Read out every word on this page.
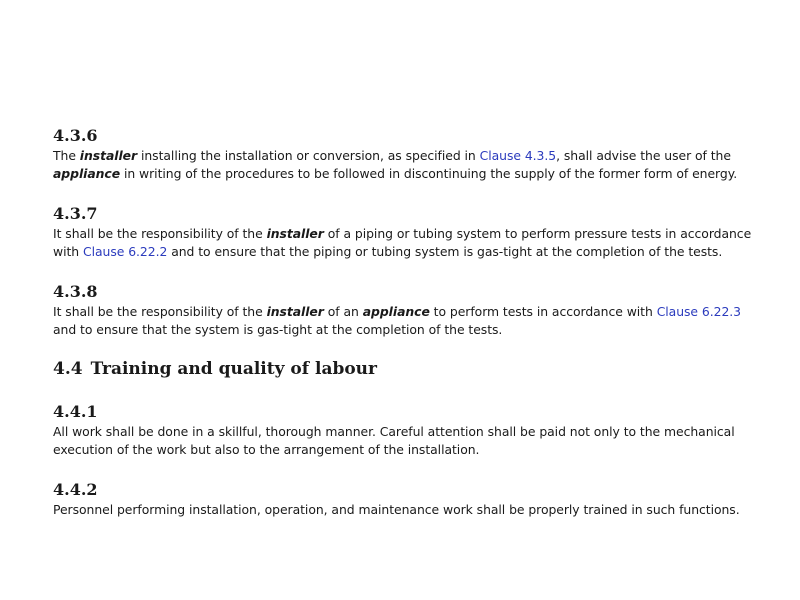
4.3.6

The installer installing the installation or conversion, as specified in Clause 4.3.5, shall advise the user of the appliance in writing of the procedures to be followed in discontinuing the supply of the former form of energy.

4.3.7

It shall be the responsibility of the installer of a piping or tubing system to perform pressure tests in accordance with Clause 6.22.2 and to ensure that the piping or tubing system is gas-tight at the completion of the tests.

4.3.8

It shall be the responsibility of the installer of an appliance to perform tests in accordance with Clause 6.22.3 and to ensure that the system is gas-tight at the completion of the tests.

4.4 Training and quality of labour
4.4.1

All work shall be done in a skillful, thorough manner. Careful attention shall be paid not only to the mechanical execution of the work but also to the arrangement of the installation.

4.4.2

Personnel performing installation, operation, and maintenance work shall be properly trained in such functions.
